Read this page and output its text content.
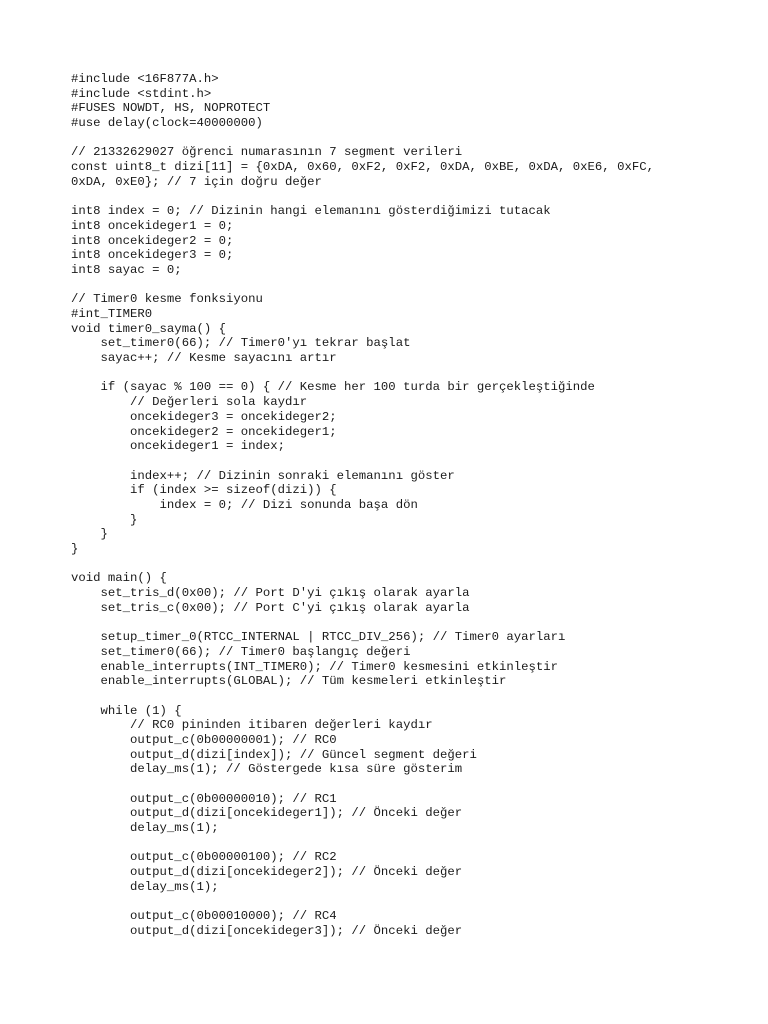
#include <16F877A.h>
#include <stdint.h>
#FUSES NOWDT, HS, NOPROTECT
#use delay(clock=40000000)
// 21332629027 öğrenci numarasının 7 segment verileri
const uint8_t dizi[11] = {0xDA, 0x60, 0xF2, 0xF2, 0xDA, 0xBE, 0xDA, 0xE6, 0xFC,
0xDA, 0xE0}; // 7 için doğru değer
int8 index = 0; // Dizinin hangi elemanını gösterdiğimizi tutacak
int8 oncekideger1 = 0;
int8 oncekideger2 = 0;
int8 oncekideger3 = 0;
int8 sayac = 0;
// Timer0 kesme fonksiyonu
#int_TIMER0
void timer0_sayma() {
set_timer0(66); // Timer0'yı tekrar başlat
sayac++; // Kesme sayacını artır
if (sayac % 100 == 0) { // Kesme her 100 turda bir gerçekleştiğinde
// Değerleri sola kaydır
oncekideger3 = oncekideger2;
oncekideger2 = oncekideger1;
oncekideger1 = index;
index++; // Dizinin sonraki elemanını göster
if (index >= sizeof(dizi)) {
index = 0; // Dizi sonunda başa dön
}
}
}
void main() {
set_tris_d(0x00); // Port D'yi çıkış olarak ayarla
set_tris_c(0x00); // Port C'yi çıkış olarak ayarla
setup_timer_0(RTCC_INTERNAL | RTCC_DIV_256); // Timer0 ayarları
set_timer0(66); // Timer0 başlangıç değeri
enable_interrupts(INT_TIMER0); // Timer0 kesmesini etkinleştir
enable_interrupts(GLOBAL); // Tüm kesmeleri etkinleştir
while (1) {
// RC0 pininden itibaren değerleri kaydır
output_c(0b00000001); // RC0
output_d(dizi[index]); // Güncel segment değeri
delay_ms(1); // Göstergede kısa süre gösterim
output_c(0b00000010); // RC1
output_d(dizi[oncekideger1]); // Önceki değer
delay_ms(1);
output_c(0b00000100); // RC2
output_d(dizi[oncekideger2]); // Önceki değer
delay_ms(1);
output_c(0b00010000); // RC4
output_d(dizi[oncekideger3]); // Önceki değer
